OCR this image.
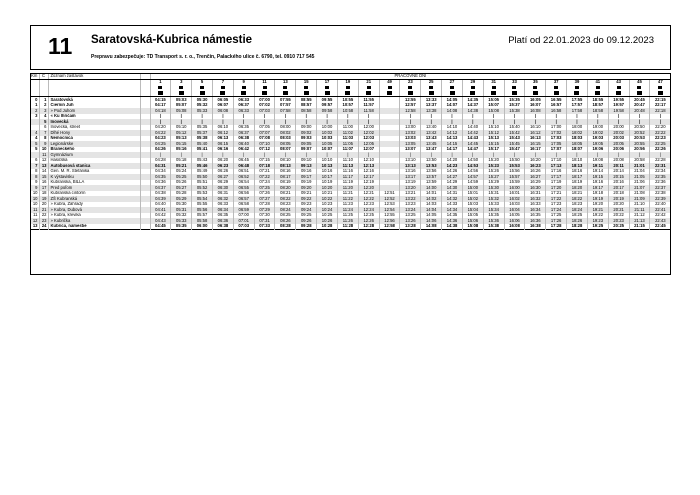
11 Saratovská-Kubrica námestie
Prepravu zabezpečuje: TD Transport s. r. o., Trenčín, Palackého ulice č. 6790, tel. 0910 717 545
Platí od 22.01.2023 do 09.12.2023
Km	Č	Zoznam zastávok		PRACOVNÉ DNI																								
				1	3	5	7	9	11	13	15	17	19	21	49	23	25	27	29	31	33	35	37	39	41	43	45	47

0	1	Saratovská		04:15	05:03	05:30	06:05	06:33	07:00	07:55	08:55	09:55	10:55	11:55		12:55	13:33	14:05	14:35	15:05	15:35	16:05	16:55	17:55	18:55	19:55	20:45	22:15
1	2	Ciernin Juh		04:17	05:07	05:32	06:07	06:37	07:02	07:57	08:57	09:57	10:57	11:57		12:57	13:37	14:07	14:37	15:07	15:37	16:07	16:57	17:57	18:57	19:57	20:47	22:17
2	3	» Pod Juhom		04:18	05:08	05:33	06:08	06:33	07:03	07:58	08:58	09:58	10:58	11:58		12:58	13:38	14:08	14:38	15:08	15:38	16:08	16:58	17:58	18:58	19:58	20:48	22:18
3	4	« Ku Ihričam		|	|	|	|	|	|	|	|	|	|	|		|	|	|	|	|	|	|	|	|	|	|	|	|
	5	Inovecká		|	|	|	|	|	|	|	|	|	|	|		|	|	|	|	|	|	|	|	|	|	|	|	|
	6	Inovecká, street		04:20	05:10	05:35	06:10	06:35	07:05	08:00	09:00	10:00	11:00	12:00		13:00	13:40	14:10	14:40	15:10	15:40	16:10	17:00	18:00	19:00	20:00	20:50	22:20
4	7	Dlhé Hony		04:22	05:12	05:37	06:12	06:37	07:07	08:02	09:02	10:02	11:02	12:02		13:02	13:42	14:12	14:42	15:12	15:42	16:12	17:02	18:02	19:02	20:02	20:52	22:22
4	8	Nemocnica		04:23	05:13	05:38	06:13	06:38	07:08	08:03	09:03	10:03	11:03	12:03		13:03	13:43	14:13	14:43	15:13	15:43	16:13	17:03	18:03	19:03	20:03	20:53	22:23
5	9	Legionárske		04:25	05:15	05:40	06:15	06:40	07:10	08:05	09:05	10:05	11:05	12:05		13:05	13:45	14:15	14:45	15:15	15:45	16:15	17:05	18:05	19:05	20:05	20:55	22:25
5	10	Braneckého		04:26	05:16	05:41	06:16	06:42	07:12	08:07	09:07	10:07	11:07	12:07		13:07	13:47	14:17	14:47	15:17	15:47	16:17	17:07	18:07	19:06	20:06	20:56	22:26
	11	Gymnázium		|	|	|	|	|	|	|	|	|	|	|		|	|	|	|	|	|	|	|	|	|	|	|	|
6	12	Hasičská		04:28	05:18	05:43	06:20	06:45	07:15	08:10	09:10	10:10	11:10	12:10		13:10	13:50	14:20	14:50	15:20	15:50	16:20	17:10	18:10	19:08	20:08	20:58	22:28
7	13	Autobusová stanica		04:31	05:21	05:46	06:23	06:48	07:18	08:13	09:13	10:13	11:13	12:13		13:13	13:53	14:23	14:53	15:23	15:53	16:23	17:13	18:13	19:11	20:11	21:01	22:31
8	14	Gen. M. R. Štefánika		04:34	05:24	05:49	06:26	06:51	07:21	08:16	09:16	10:16	11:16	12:16		13:16	13:56	14:26	14:56	15:26	15:56	16:26	17:16	18:16	19:14	20:14	21:04	22:34
8	15	K výstavisku		04:35	05:25	05:50	06:27	06:52	07:22	08:17	09:17	10:17	11:17	12:17		13:17	13:57	14:27	14:57	15:27	15:57	16:27	17:17	18:17	19:15	20:15	21:05	22:35
9	16	Kubranská, BILLA		04:36	05:26	05:51	06:29	06:54	07:24	08:19	09:19	10:19	11:19	12:19		13:19	13:59	14:29	14:59	15:29	15:59	16:29	17:19	18:19	19:16	20:16	21:06	22:36
9	17	Pred poľom		04:37	05:27	05:52	06:30	06:55	07:25	08:20	09:20	10:20	11:20	12:20		13:20	14:00	14:30	15:00	15:30	16:00	16:30	17:20	18:20	19:17	20:17	21:07	22:37
10	18	Kubranská cintorín		04:38	05:28	05:53	06:31	06:56	07:26	08:21	09:21	10:21	11:21	12:21	12:51	13:21	14:01	14:31	15:01	15:31	16:01	16:31	17:21	18:21	19:18	20:18	21:08	22:38
10	19	ZŠ Kubranská		04:39	05:29	05:54	06:32	06:57	07:27	08:22	09:22	10:22	11:22	12:22	12:52	13:22	14:02	14:32	15:02	15:32	16:02	16:32	17:22	18:22	19:19	20:19	21:09	22:39
10	20	» Kubra, Záhrady		04:40	05:30	05:55	06:33	06:58	07:28	08:23	09:23	10:23	11:23	12:23	12:53	13:23	14:03	14:33	15:03	15:33	16:03	16:33	17:23	18:23	19:20	20:20	21:10	22:40
11	21	» Kubra, Dubová		04:41	05:31	05:56	06:34	06:59	07:29	08:24	09:24	10:24	11:24	12:24	12:54	13:24	14:04	14:34	15:04	15:34	16:04	16:34	17:24	18:24	19:21	20:21	21:11	22:41
11	22	» Kubra, krevika		04:42	05:32	05:57	06:35	07:00	07:30	08:25	09:25	10:25	11:25	12:25	12:55	13:25	14:05	14:35	15:05	15:35	16:05	16:35	17:25	18:25	19:22	20:22	21:12	22:42
12	23	» Kubrička		04:43	05:33	05:58	06:36	07:01	07:31	08:26	09:26	10:26	11:26	12:26	12:56	13:26	14:06	14:36	15:06	15:36	16:06	16:36	17:26	18:26	19:23	20:23	21:13	22:43
13	24	Kubrica, námestie		04:45	05:35	06:00	06:38	07:03	07:33	08:28	09:28	10:28	11:28	12:28	12:58	13:28	14:08	14:38	15:08	15:38	16:08	16:38	17:28	18:28	19:25	20:25	21:15	22:45
